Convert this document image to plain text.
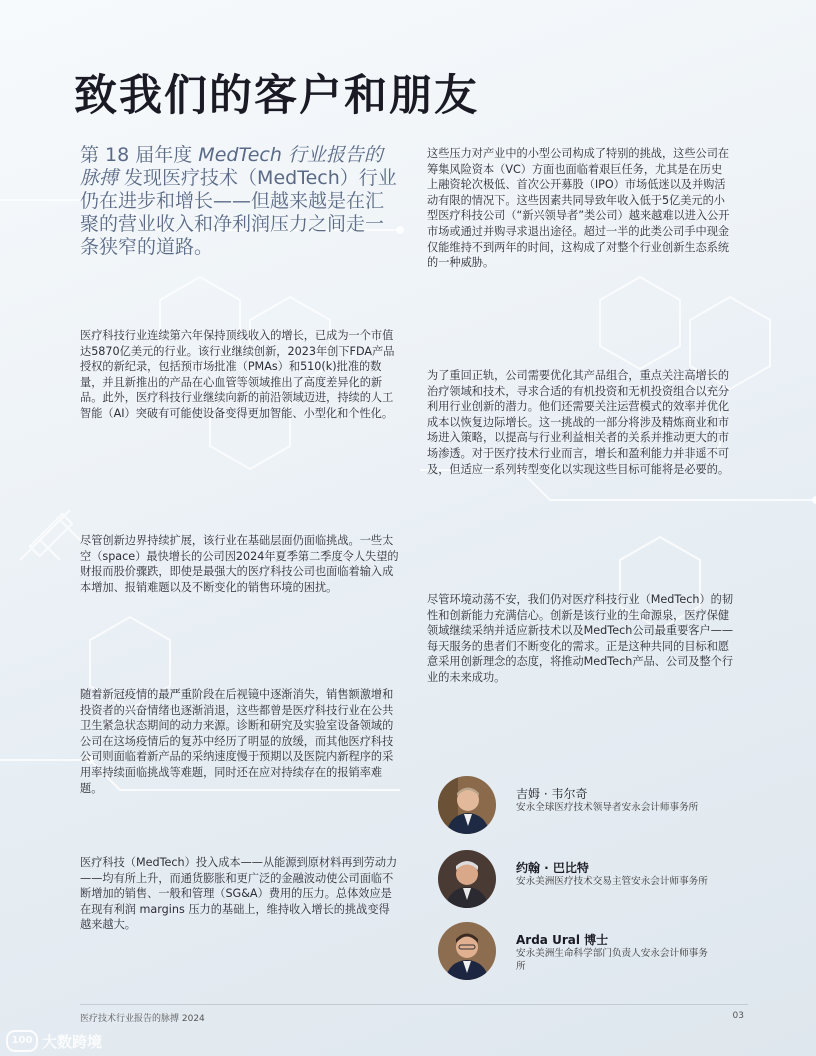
致我们的客户和朋友

第 18 届年度 MedTech 行业报告的脉搏 发现医疗技术（MedTech）行业仍在进步和增长——但越来越是在汇聚的营业收入和净利润压力之间走一条狭窄的道路。

医疗科技行业连续第六年保持顶线收入的增长，已成为一个市值达5870亿美元的行业。该行业继续创新，2023年创下FDA产品授权的新纪录，包括预市场批准（PMAs）和510(k)批准的数量，并且新推出的产品在心血管等领域推出了高度差异化的新品。此外，医疗科技行业继续向新的前沿领域迈进，持续的人工智能（AI）突破有可能使设备变得更加智能、小型化和个性化。

尽管创新边界持续扩展，该行业在基础层面仍面临挑战。一些太空（space）最快增长的公司因2024年夏季第二季度令人失望的财报而股价骤跌，即使是最强大的医疗科技公司也面临着输入成本增加、报销难题以及不断变化的销售环境的困扰。

随着新冠疫情的最严重阶段在后视镜中逐渐消失，销售额激增和投资者的兴奋情绪也逐渐消退，这些都曾是医疗科技行业在公共卫生紧急状态期间的动力来源。诊断和研究及实验室设备领域的公司在这场疫情后的复苏中经历了明显的放缓，而其他医疗科技公司则面临着新产品的采纳速度慢于预期以及医院内新程序的采用率持续面临挑战等难题，同时还在应对持续存在的报销率难题。

医疗科技（MedTech）投入成本——从能源到原材料再到劳动力——均有所上升，而通货膨胀和更广泛的金融波动使公司面临不断增加的销售、一般和管理（SG&A）费用的压力。总体效应是在现有利润 margins 压力的基础上，维持收入增长的挑战变得越来越大。

这些压力对产业中的小型公司构成了特别的挑战，这些公司在筹集风险资本（VC）方面也面临着艰巨任务，尤其是在历史上融资轮次极低、首次公开募股（IPO）市场低迷以及并购活动有限的情况下。这些因素共同导致年收入低于5亿美元的小型医疗科技公司（“新兴领导者”类公司）越来越难以进入公开市场或通过并购寻求退出途径。超过一半的此类公司手中现金仅能维持不到两年的时间，这构成了对整个行业创新生态系统的一种威胁。

为了重回正轨，公司需要优化其产品组合，重点关注高增长的治疗领域和技术，寻求合适的有机投资和无机投资组合以充分利用行业创新的潜力。他们还需要关注运营模式的效率并优化成本以恢复边际增长。这一挑战的一部分将涉及精炼商业和市场进入策略，以提高与行业利益相关者的关系并推动更大的市场渗透。对于医疗技术行业而言，增长和盈利能力并非遥不可及，但适应一系列转型变化以实现这些目标可能将是必要的。

尽管环境动荡不安，我们仍对医疗科技行业（MedTech）的韧性和创新能力充满信心。创新是该行业的生命源泉，医疗保健领域继续采纳并适应新技术以及MedTech公司最重要客户——每天服务的患者们不断变化的需求。正是这种共同的目标和愿意采用创新理念的态度，将推动MedTech产品、公司及整个行业的未来成功。

吉姆 · 韦尔奇

安永全球医疗技术领导者安永会计师事务所

约翰 · 巴比特

安永美洲医疗技术交易主管安永会计师事务所

Arda Ural 博士

安永美洲生命科学部门负责人安永会计师事务所

医疗技术行业报告的脉搏 2024	03

100 大数跨境
